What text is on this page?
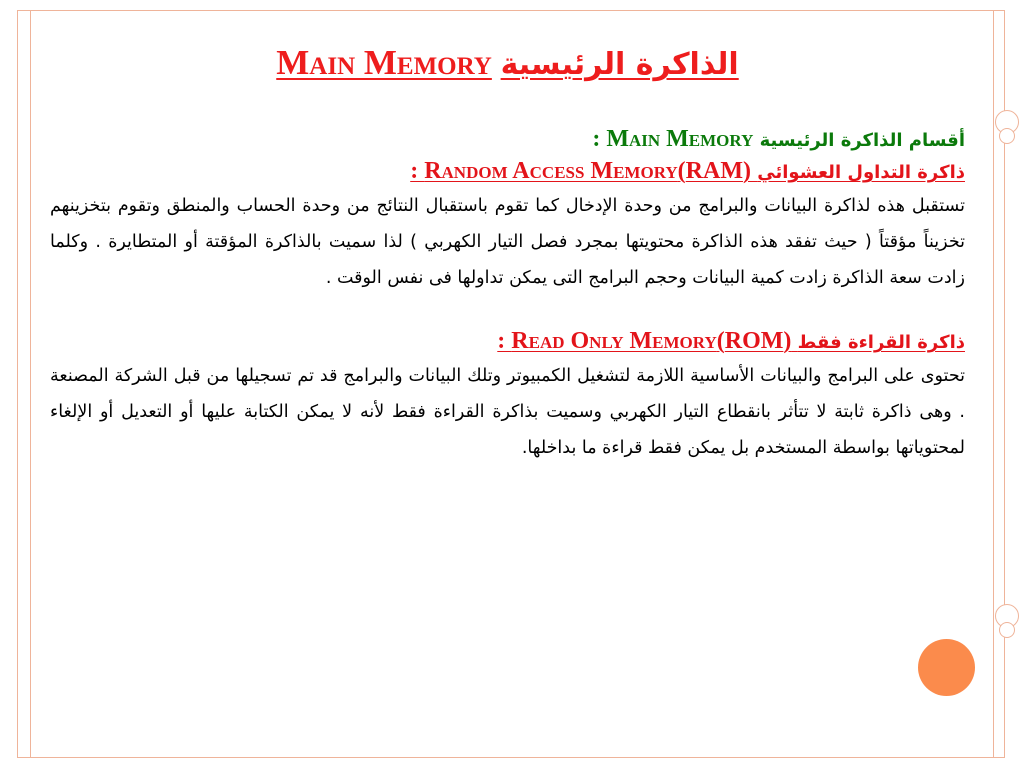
الذاكرة الرئيسية Main Memory

أقسام الذاكرة الرئيسية Main Memory :

ذاكرة التداول العشوائي (RAM)Random Access Memory :

تستقبل هذه لذاكرة البيانات والبرامج من وحدة الإدخال كما تقوم باستقبال النتائج من وحدة الحساب والمنطق وتقوم بتخزينهم تخزيناً مؤقتاً ( حيث تفقد هذه الذاكرة محتويتها بمجرد فصل التيار الكهربي ) لذا سميت بالذاكرة المؤقتة أو المتطايرة . وكلما زادت سعة الذاكرة زادت كمية البيانات وحجم البرامج التى يمكن تداولها فى نفس الوقت .

ذاكرة القراءة فقط (ROM)Read Only Memory :

تحتوى على البرامج والبيانات الأساسية اللازمة لتشغيل الكمبيوتر وتلك البيانات والبرامج قد تم تسجيلها من قبل الشركة المصنعة . وهى ذاكرة ثابتة لا تتأثر بانقطاع التيار الكهربي وسميت بذاكرة القراءة فقط لأنه لا يمكن الكتابة عليها أو التعديل أو الإلغاء لمحتوياتها بواسطة المستخدم بل يمكن فقط قراءة ما بداخلها.
